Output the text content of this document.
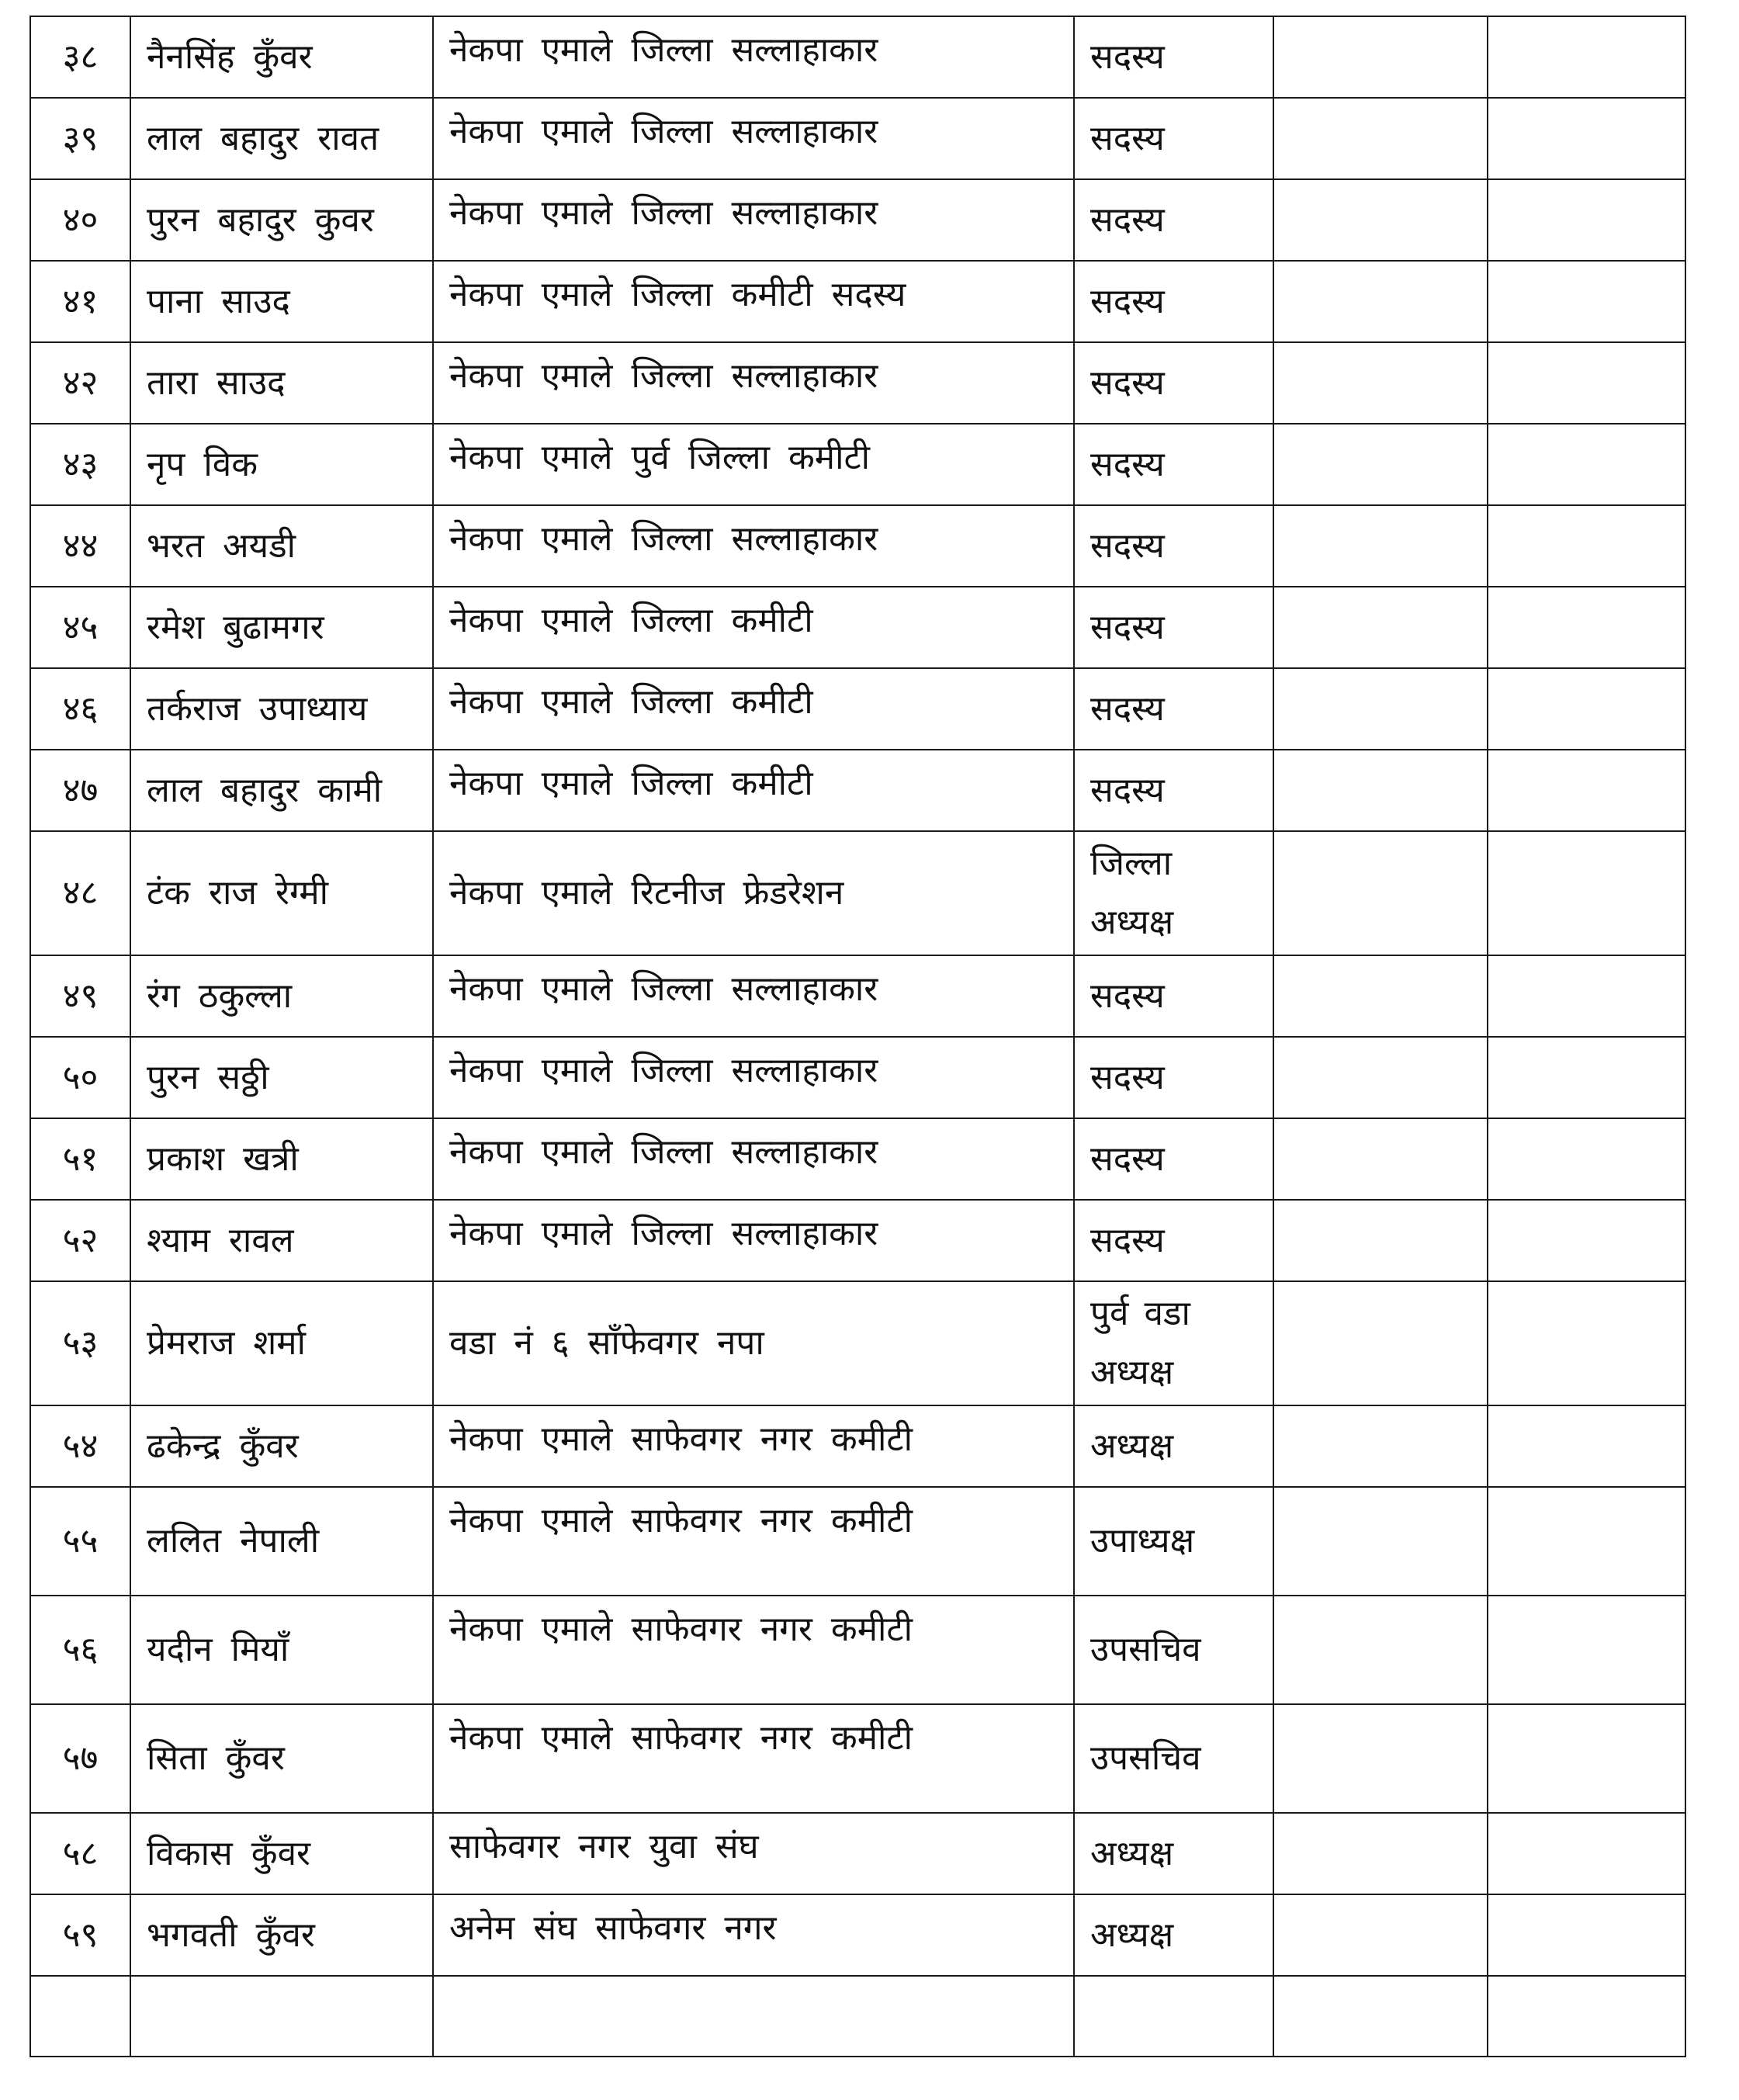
३८	नैनसिंह कुँवर	नेकपा एमाले जिल्ला सल्लाहाकार	सदस्य		
३९	लाल बहादुर रावत	नेकपा एमाले जिल्ला सल्लाहाकार	सदस्य		
४०	पुरन बहादुर कुवर	नेकपा एमाले जिल्ला सल्लाहाकार	सदस्य		
४१	पाना साउद	नेकपा एमाले जिल्ला कमीटी सदस्य	सदस्य		
४२	तारा साउद	नेकपा एमाले जिल्ला सल्लाहाकार	सदस्य		
४३	नृप विक	नेकपा एमाले पुर्व जिल्ला कमीटी	सदस्य		
४४	भरत अयडी	नेकपा एमाले जिल्ला सल्लाहाकार	सदस्य		
४५	रमेश बुढामगर	नेकपा एमाले जिल्ला कमीटी	सदस्य		
४६	तर्कराज उपाध्याय	नेकपा एमाले जिल्ला कमीटी	सदस्य		
४७	लाल बहादुर कामी	नेकपा एमाले जिल्ला कमीटी	सदस्य		
४८	टंक राज रेग्मी	नेकपा एमाले रिटनीज फ्रेडरेशन	जिल्ला अध्यक्ष		
४९	रंग ठकुल्ला	नेकपा एमाले जिल्ला सल्लाहाकार	सदस्य		
५०	पुरन सठ्ठी	नेकपा एमाले जिल्ला सल्लाहाकार	सदस्य		
५१	प्रकाश खत्री	नेकपा एमाले जिल्ला सल्लाहाकार	सदस्य		
५२	श्याम रावल	नेकपा एमाले जिल्ला सल्लाहाकार	सदस्य		
५३	प्रेमराज शर्मा	वडा नं ६ साँफेवगर नपा	पुर्व वडा अध्यक्ष		
५४	ढकेन्द्र कुँवर	नेकपा एमाले साफेवगर नगर कमीटी	अध्यक्ष		
५५	ललित नेपाली	नेकपा एमाले साफेवगर नगर कमीटी	उपाध्यक्ष		
५६	यदीन मियाँ	नेकपा एमाले साफेवगर नगर कमीटी	उपसचिव		
५७	सिता कुँवर	नेकपा एमाले साफेवगर नगर कमीटी	उपसचिव		
५८	विकास कुँवर	साफेवगर नगर युवा संघ	अध्यक्ष		
५९	भगवती कुँवर	अनेम संघ साफेवगर नगर	अध्यक्ष		
